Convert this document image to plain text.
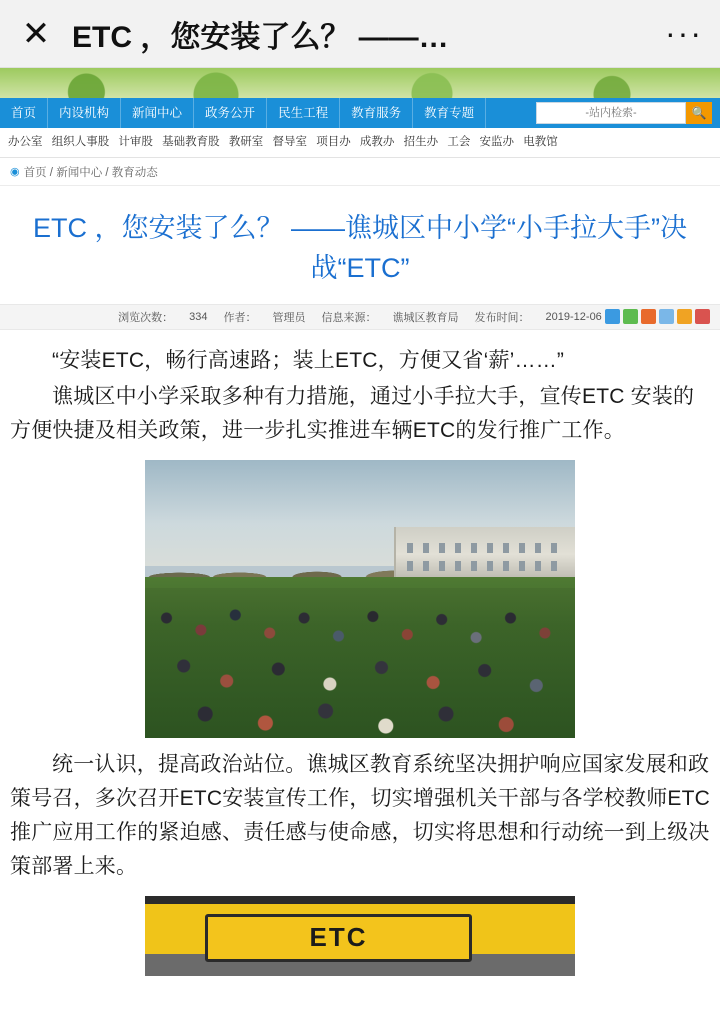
✕ ETC ，您安装了么？ ——…	···
首页	内设机构	新闻中心	政务公开	民生工程	教育服务	教育专题
-站内检索-	🔍
办公室 组织人事股 计审股 基础教育股 教研室 督导室 项目办 成教办 招生办 工会 安监办 电教馆
◉ 首页 / 新闻中心 / 教育动态
ETC ，您安装了么？ ——谯城区中小学“小手拉大手”决战“ETC”
浏览次数： 334 作者： 管理员 信息来源： 谯城区教育局 发布时间： 2019-12-06

“安装ETC，畅行高速路；装上ETC，方便又省‘薪’……”

谯城区中小学采取多种有力措施，通过小手拉大手，宣传ETC 安装的方便快捷及相关政策，进一步扎实推进车辆ETC的发行推广工作。

统一认识，提高政治站位。谯城区教育系统坚决拥护响应国家发展和政策号召，多次召开ETC安装宣传工作，切实增强机关干部与各学校教师ETC推广应用工作的紧迫感、责任感与使命感，切实将思想和行动统一到上级决策部署上来。

ETC
